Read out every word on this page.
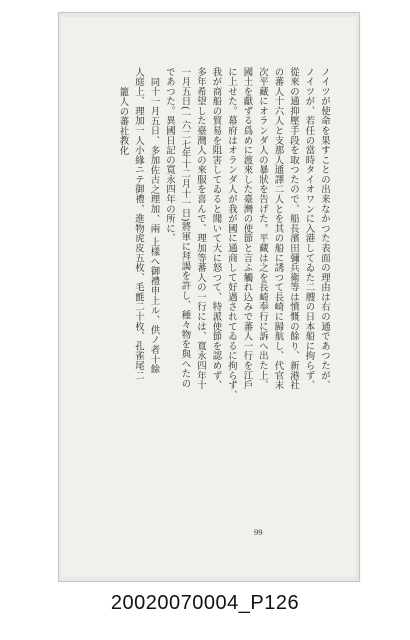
ノイツが使命を果すことの出来なかつた表面の理由は右の通であつたが、
ノイツが、若任の當時タイオワンに入港してゐた二艘の日本船に拘らず、
從來の通抑壓手段を取つたので、船長濱田彌兵衛等は憤慨の餘り、新港社
の蕃人十六人と支那人通譯二人とを其の船に誘つて長崎に歸航し、代官末
次平藏にオランダ人の暴狀を告げた。平藏は之を長崎奉行に訴へ出た上、
國土を獻ずる爲めに渡來した臺灣の使節と言ふ觸れ込みで蕃人一行を江戶
に上せた。幕府はオランダ人が我が國に通商して好遇されてゐるに拘らず、
我が商船の貿易を阻害してゐると聞いて大に怒つて、特派使節を認めず、
多年希望した臺灣人の來服を喜んで、理加等蕃人の一行には、寬永四年十
一月五日(一六二七年十二月十一日)將軍に拜謁を許し、種々物を與へたの
であつた。異國日記の寬永四年の所に、
同十一月五日、多加佐古之理加、兩 上樣へ御禮申上ル、供ノ者十餘
人庭上、理加一人小緣ニテ御禮、進物虎皮五枚、毛氈二十枚、孔雀尾二
籠人の蕃社教化
99
20020070004_P126
